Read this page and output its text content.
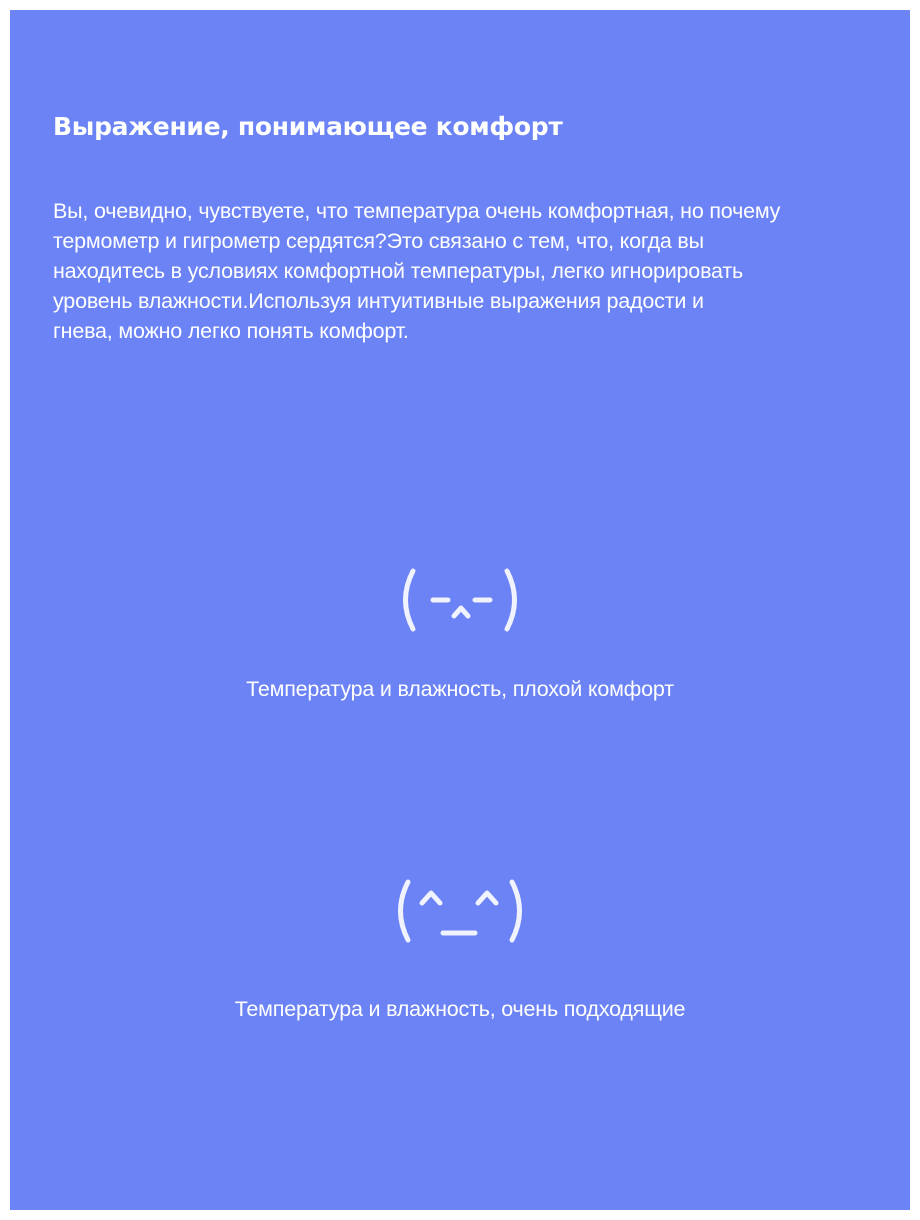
Выражение, понимающее комфорт

Вы, очевидно, чувствуете, что температура очень комфортная, но почему
термометр и гигрометр сердятся?Это связано с тем, что, когда вы
находитесь в условиях комфортной температуры, легко игнорировать
уровень влажности.Используя интуитивные выражения радости и
гнева, можно легко понять комфорт.

Температура и влажность, плохой комфорт
Температура и влажность, очень подходящие
